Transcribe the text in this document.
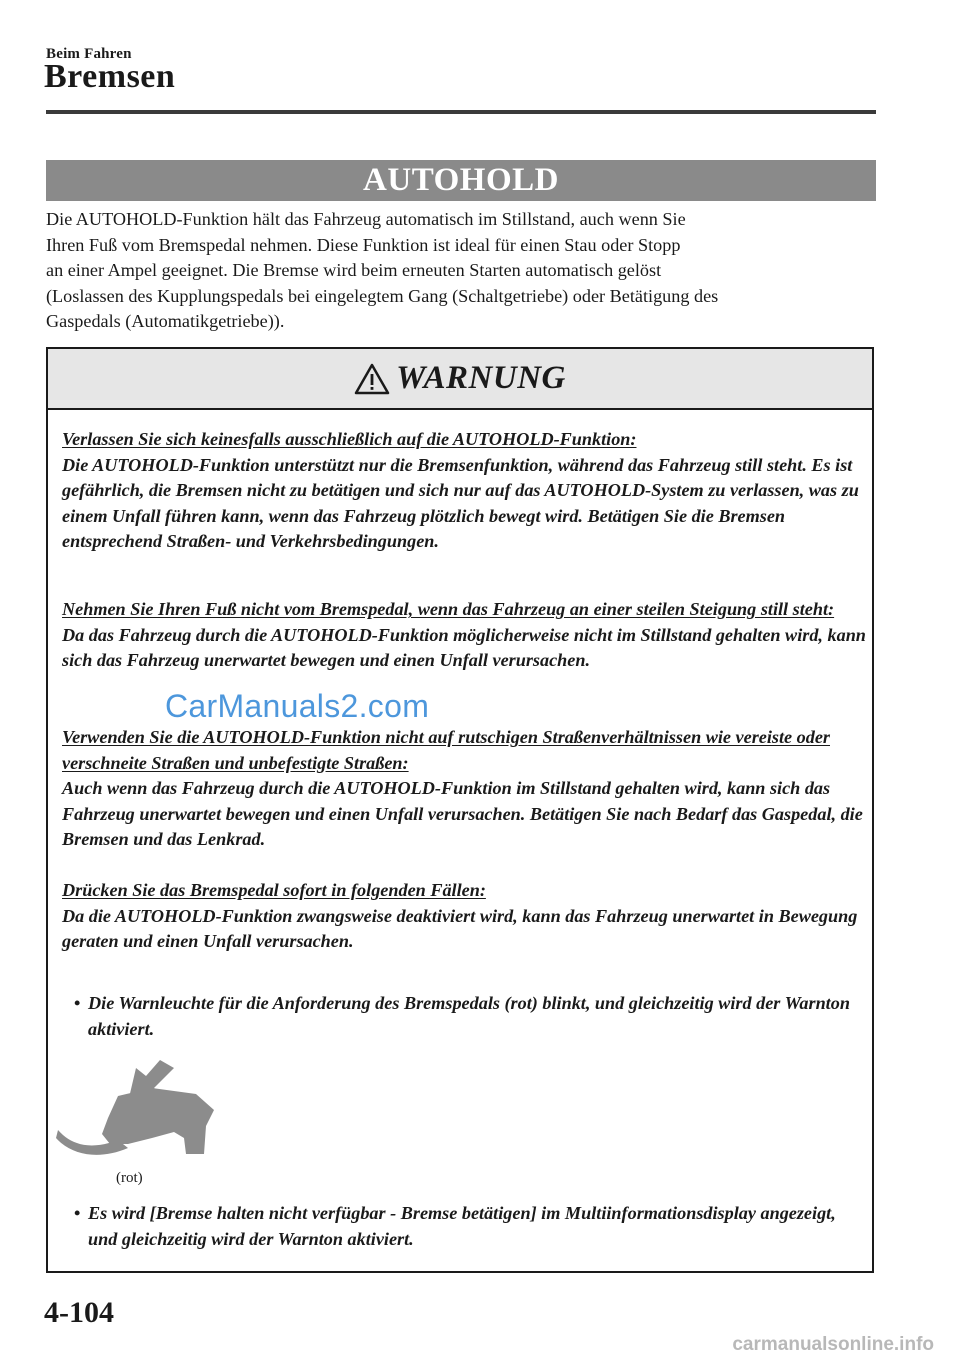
Beim Fahren
Bremsen
AUTOHOLD

Die AUTOHOLD-Funktion hält das Fahrzeug automatisch im Stillstand, auch wenn Sie
Ihren Fuß vom Bremspedal nehmen. Diese Funktion ist ideal für einen Stau oder Stopp
an einer Ampel geeignet. Die Bremse wird beim erneuten Starten automatisch gelöst
(Loslassen des Kupplungspedals bei eingelegtem Gang (Schaltgetriebe) oder Betätigung des
Gaspedals (Automatikgetriebe)).

WARNUNG
Verlassen Sie sich keinesfalls ausschließlich auf die AUTOHOLD-Funktion:
Die AUTOHOLD-Funktion unterstützt nur die Bremsenfunktion, während das Fahrzeug still steht. Es ist gefährlich, die Bremsen nicht zu betätigen und sich nur auf das AUTOHOLD-System zu verlassen, was zu einem Unfall führen kann, wenn das Fahrzeug plötzlich bewegt wird. Betätigen Sie die Bremsen entsprechend Straßen- und Verkehrsbedingungen.
Nehmen Sie Ihren Fuß nicht vom Bremspedal, wenn das Fahrzeug an einer steilen Steigung still steht:
Da das Fahrzeug durch die AUTOHOLD-Funktion möglicherweise nicht im Stillstand gehalten wird, kann sich das Fahrzeug unerwartet bewegen und einen Unfall verursachen.
Verwenden Sie die AUTOHOLD-Funktion nicht auf rutschigen Straßenverhältnissen wie vereiste oder verschneite Straßen und unbefestigte Straßen:
Auch wenn das Fahrzeug durch die AUTOHOLD-Funktion im Stillstand gehalten wird, kann sich das Fahrzeug unerwartet bewegen und einen Unfall verursachen. Betätigen Sie nach Bedarf das Gaspedal, die Bremsen und das Lenkrad.
Drücken Sie das Bremspedal sofort in folgenden Fällen:
Da die AUTOHOLD-Funktion zwangsweise deaktiviert wird, kann das Fahrzeug unerwartet in Bewegung geraten und einen Unfall verursachen.
• Die Warnleuchte für die Anforderung des Bremspedals (rot) blinkt, und gleichzeitig wird der Warnton aktiviert.
• Es wird [Bremse halten nicht verfügbar - Bremse betätigen] im Multiinformationsdisplay angezeigt, und gleichzeitig wird der Warnton aktiviert.
(rot)
CarManuals2.com
4-104
carmanualsonline.info
